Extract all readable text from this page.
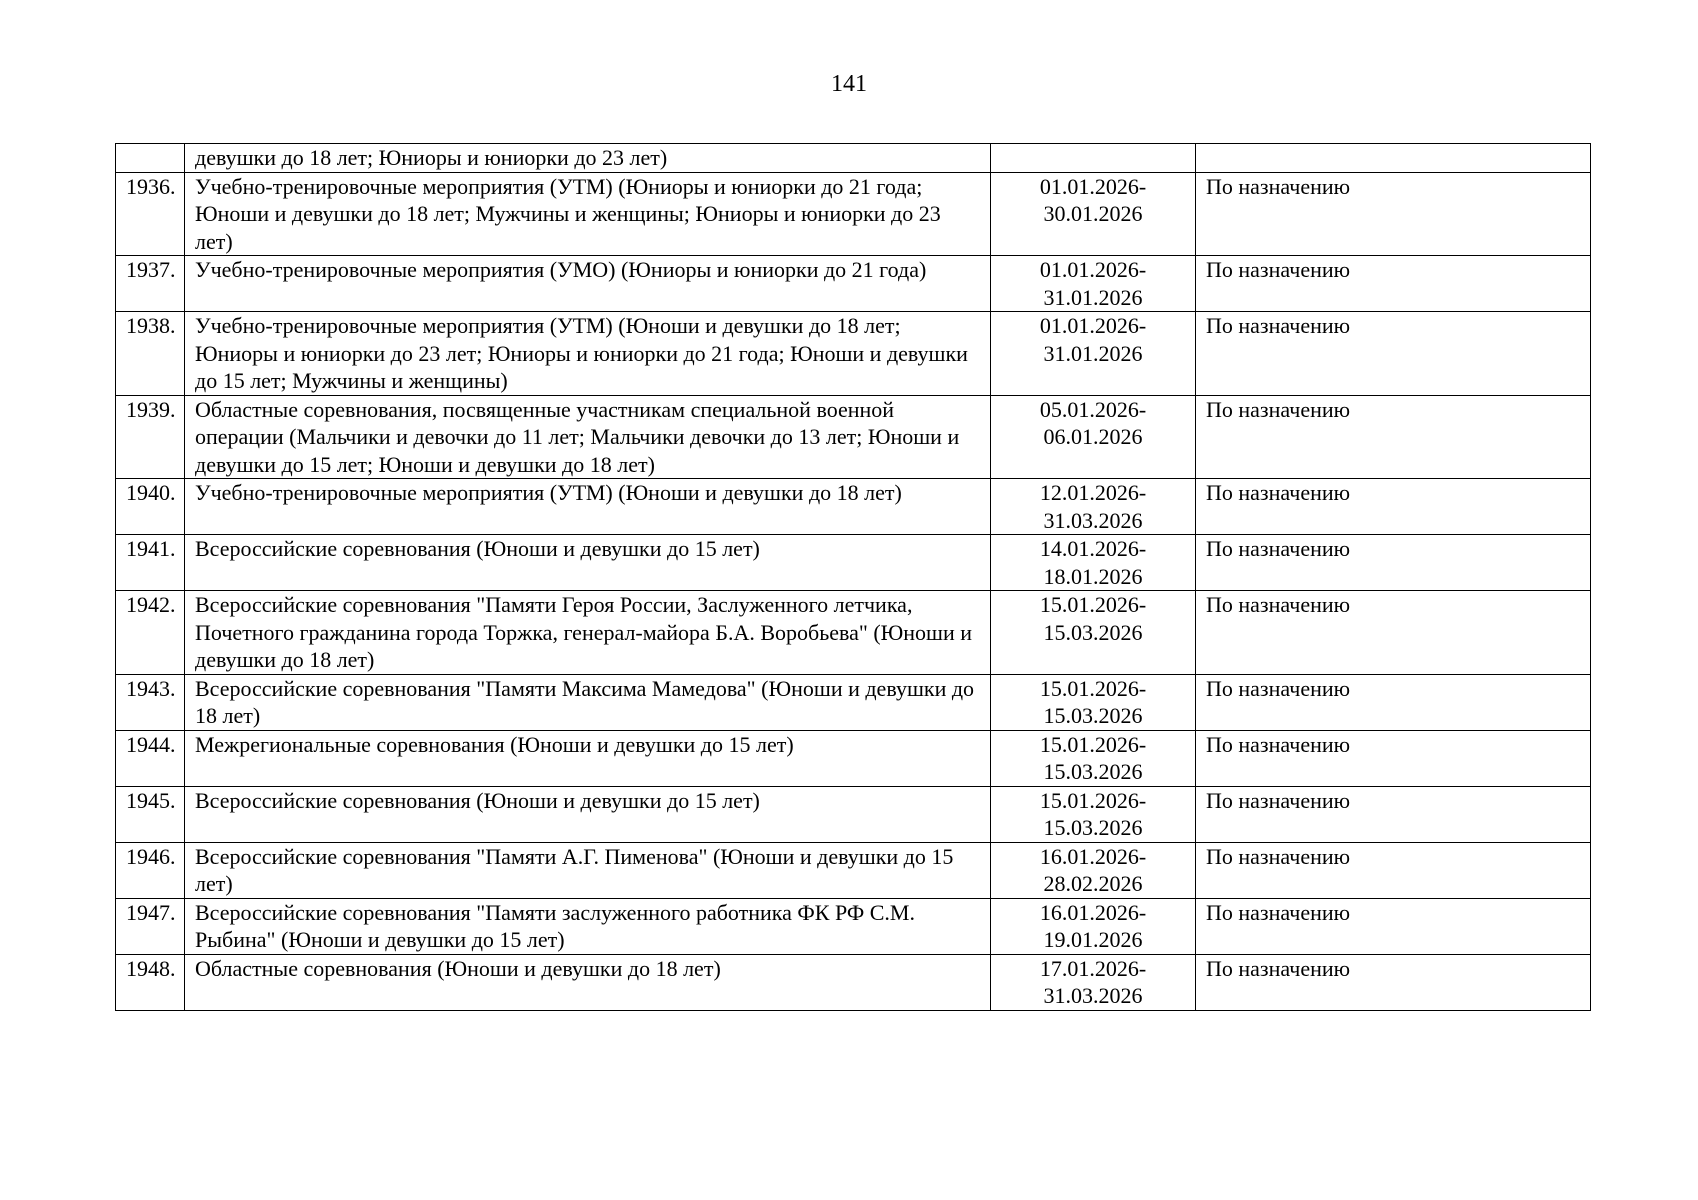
141
	девушки до 18 лет; Юниоры и юниорки до 23 лет)	

1936.	Учебно-тренировочные мероприятия (УТМ) (Юниоры и юниорки до 21 года; Юноши и девушки до 18 лет; Мужчины и женщины; Юниоры и юниорки до 23 лет)	01.01.2026-
30.01.2026	По назначению
1937.	Учебно-тренировочные мероприятия (УМО) (Юниоры и юниорки до 21 года)	01.01.2026-
31.01.2026	По назначению
1938.	Учебно-тренировочные мероприятия (УТМ) (Юноши и девушки до 18 лет; Юниоры и юниорки до 23 лет; Юниоры и юниорки до 21 года; Юноши и девушки до 15 лет; Мужчины и женщины)	01.01.2026-
31.01.2026	По назначению
1939.	Областные соревнования, посвященные участникам специальной военной операции (Мальчики и девочки до 11 лет; Мальчики девочки до 13 лет; Юноши и девушки до 15 лет; Юноши и девушки до 18 лет)	05.01.2026-
06.01.2026	По назначению
1940.	Учебно-тренировочные мероприятия (УТМ) (Юноши и девушки до 18 лет)	12.01.2026-
31.03.2026	По назначению
1941.	Всероссийские соревнования (Юноши и девушки до 15 лет)	14.01.2026-
18.01.2026	По назначению
1942.	Всероссийские соревнования "Памяти Героя России, Заслуженного летчика, Почетного гражданина города Торжка, генерал-майора Б.А. Воробьева" (Юноши и девушки до 18 лет)	15.01.2026-
15.03.2026	По назначению
1943.	Всероссийские соревнования "Памяти Максима Мамедова" (Юноши и девушки до 18 лет)	15.01.2026-
15.03.2026	По назначению
1944.	Межрегиональные соревнования (Юноши и девушки до 15 лет)	15.01.2026-
15.03.2026	По назначению
1945.	Всероссийские соревнования (Юноши и девушки до 15 лет)	15.01.2026-
15.03.2026	По назначению
1946.	Всероссийские соревнования "Памяти А.Г. Пименова" (Юноши и девушки до 15 лет)	16.01.2026-
28.02.2026	По назначению
1947.	Всероссийские соревнования "Памяти заслуженного работника ФК РФ С.М. Рыбина" (Юноши и девушки до 15 лет)	16.01.2026-
19.01.2026	По назначению
1948.	Областные соревнования (Юноши и девушки до 18 лет)	17.01.2026-
31.03.2026	По назначению
